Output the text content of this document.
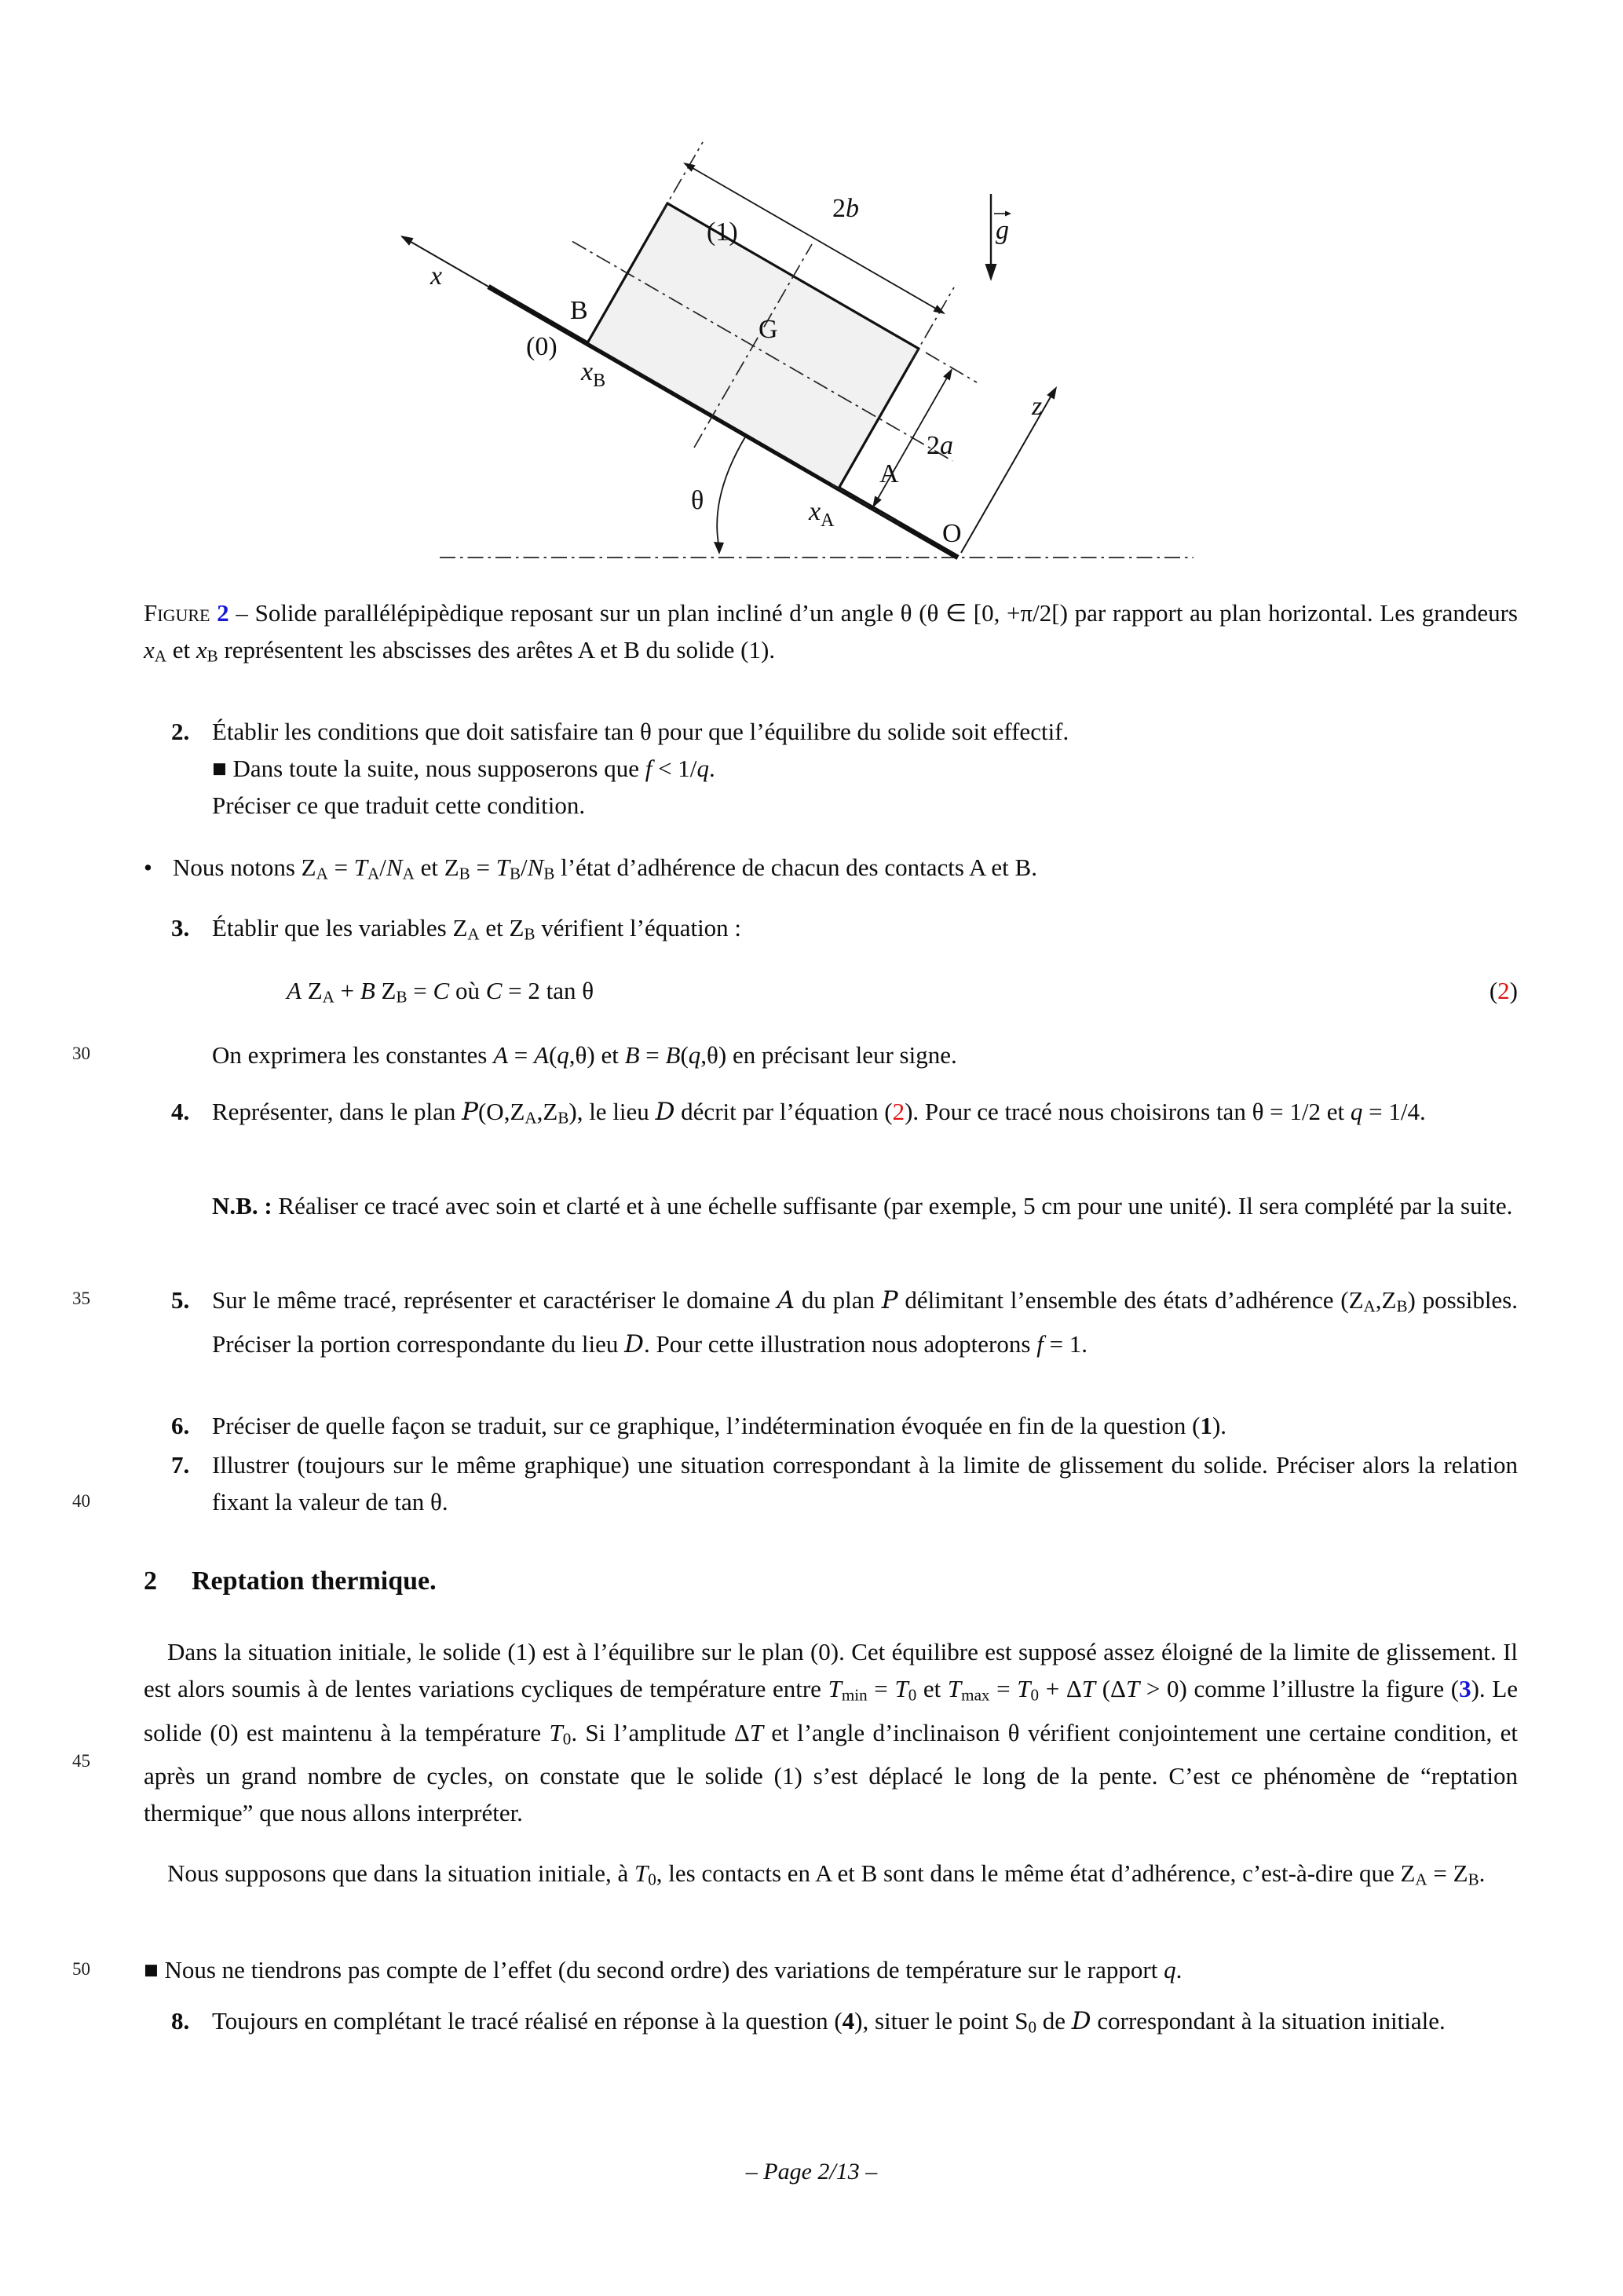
x
(0)
B
$x_B$
(1)
G
2b
2a
A
$x_A$	O
z
g
θ
Figure 2 – Solide parallélépipèdique reposant sur un plan incliné d’un angle θ (θ ∈ [0, +π/2[) par rapport au plan horizontal. Les grandeurs xA et xB représentent les abscisses des arêtes A et B du solide (1).
2. Établir les conditions que doit satisfaire tan θ pour que l’équilibre du solide soit effectif.
■ Dans toute la suite, nous supposerons que f < 1/q.
Préciser ce que traduit cette condition.
• Nous notons ZA = TA/NA et ZB = TB/NB l’état d’adhérence de chacun des contacts A et B.
3. Établir que les variables ZA et ZB vérifient l’équation :
A ZA + B ZB = C où C = 2 tan θ	(2)
On exprimera les constantes A = A(q,θ) et B = B(q,θ) en précisant leur signe.
4. Représenter, dans le plan P(O,ZA,ZB), le lieu D décrit par l’équation (2). Pour ce tracé nous choisirons tan θ = 1/2 et q = 1/4.
N.B. : Réaliser ce tracé avec soin et clarté et à une échelle suffisante (par exemple, 5 cm pour une unité). Il sera complété par la suite.
5. Sur le même tracé, représenter et caractériser le domaine A du plan P délimitant l’ensemble des états d’adhérence (ZA,ZB) possibles. Préciser la portion correspondante du lieu D. Pour cette illustration nous adopterons f = 1.
6. Préciser de quelle façon se traduit, sur ce graphique, l’indétermination évoquée en fin de la question (1).
7. Illustrer (toujours sur le même graphique) une situation correspondant à la limite de glissement du solide. Préciser alors la relation fixant la valeur de tan θ.
2	Reptation thermique.
Dans la situation initiale, le solide (1) est à l’équilibre sur le plan (0). Cet équilibre est supposé assez éloigné de la limite de glissement. Il est alors soumis à de lentes variations cycliques de température entre Tmin = T0 et Tmax = T0 + ΔT (ΔT > 0) comme l’illustre la figure (3). Le solide (0) est maintenu à la température T0. Si l’amplitude ΔT et l’angle d’inclinaison θ vérifient conjointement une certaine condition, et après un grand nombre de cycles, on constate que le solide (1) s’est déplacé le long de la pente. C’est ce phénomène de “reptation thermique” que nous allons interpréter.
Nous supposons que dans la situation initiale, à T0, les contacts en A et B sont dans le même état d’adhérence, c’est-à-dire que ZA = ZB.
■ Nous ne tiendrons pas compte de l’effet (du second ordre) des variations de température sur le rapport q.
8. Toujours en complétant le tracé réalisé en réponse à la question (4), situer le point S0 de D correspondant à la situation initiale.
30
35
40
45
50
– Page 2/13 –
